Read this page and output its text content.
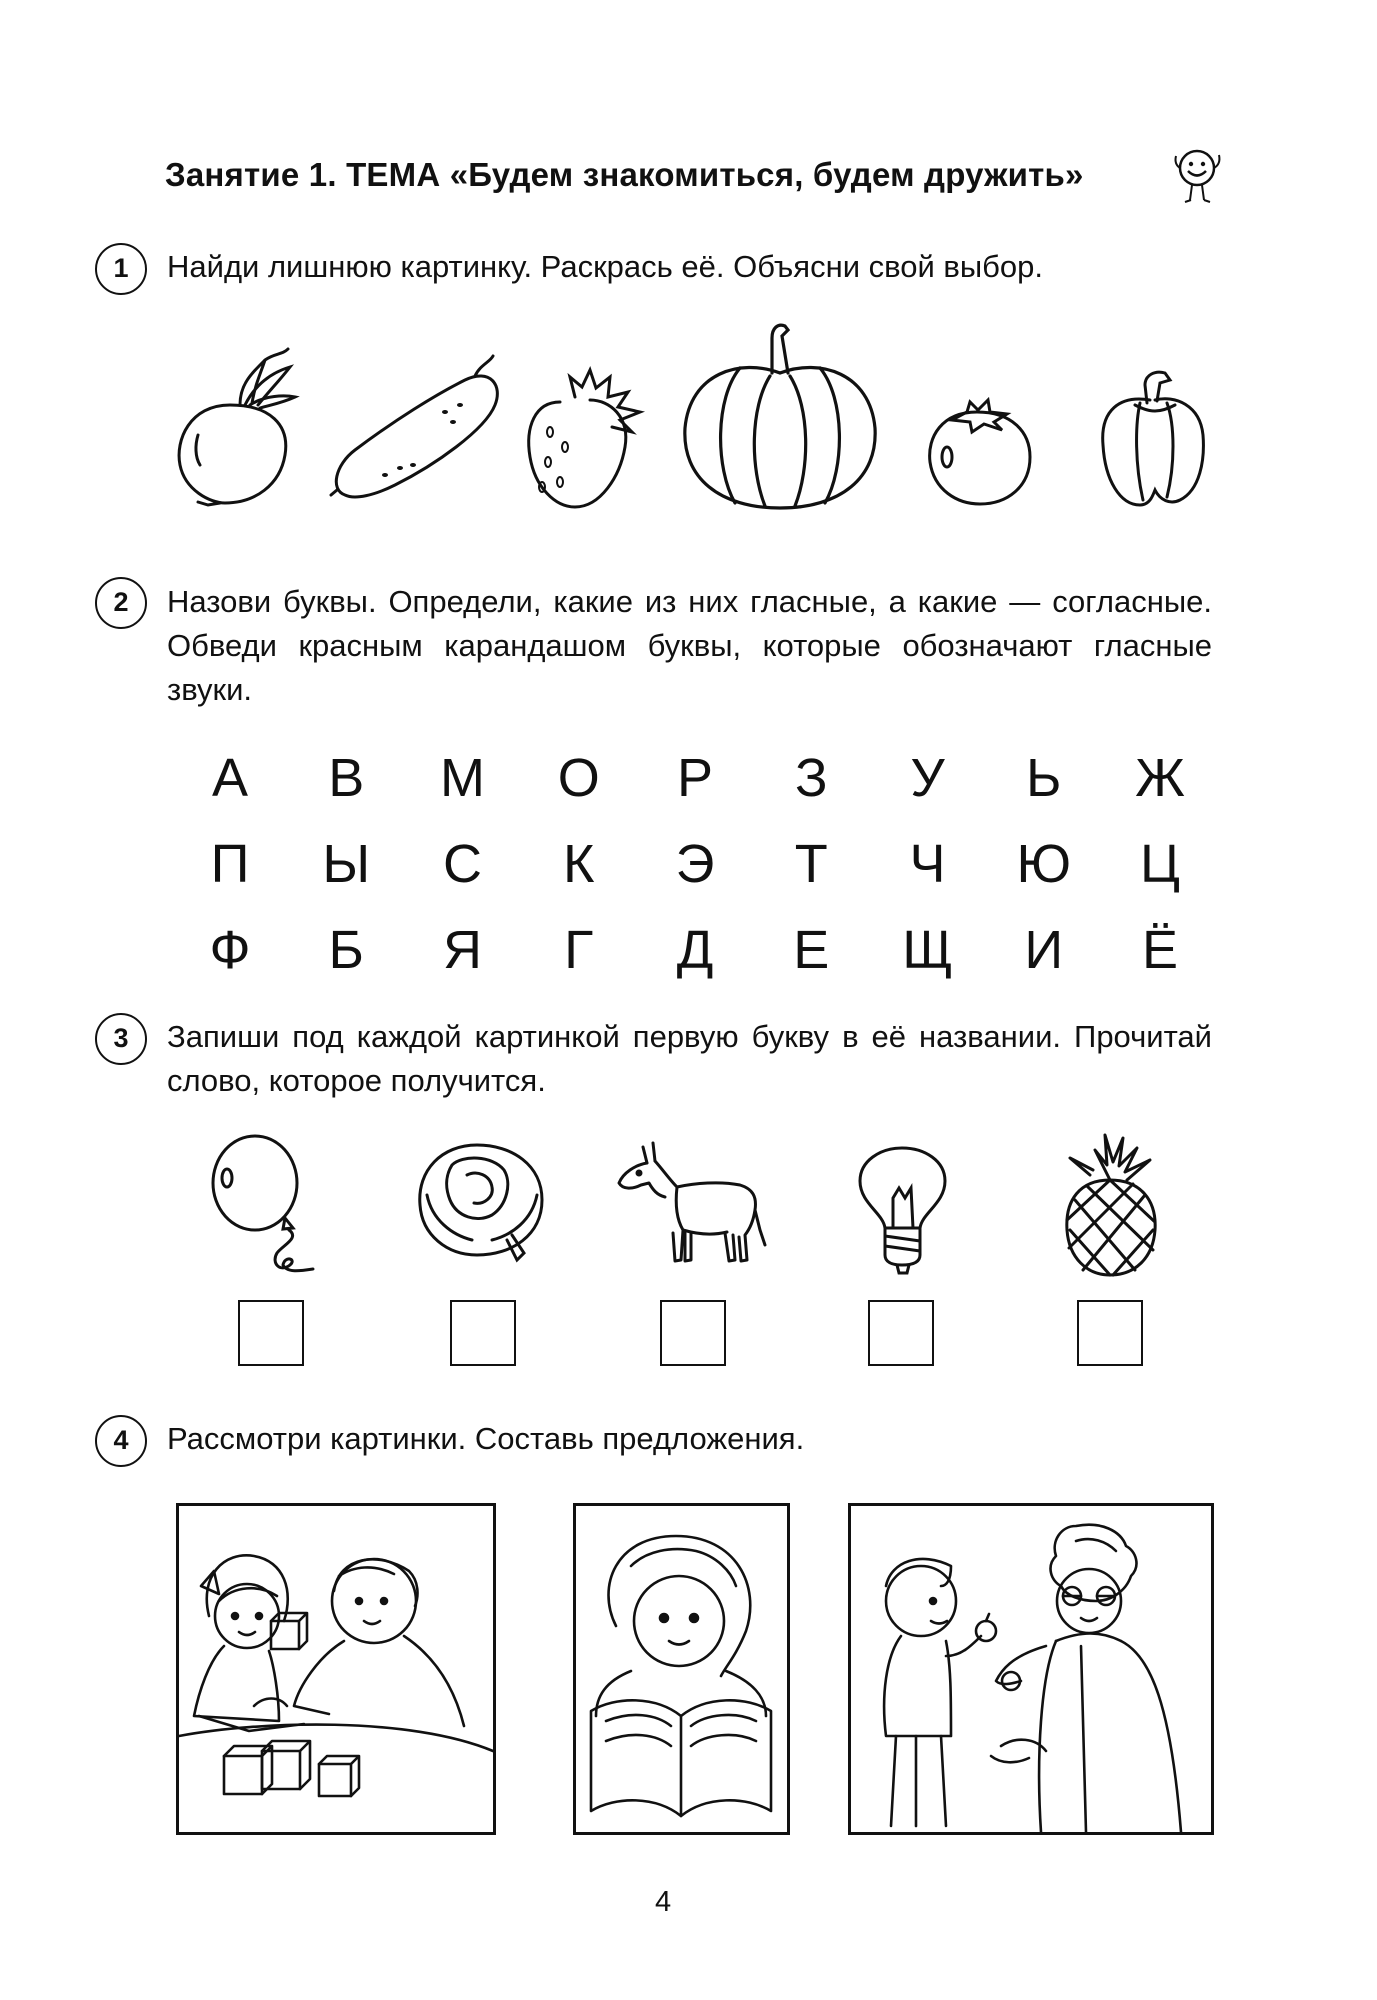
Занятие 1. ТЕМА «Будем знакомиться, будем дружить»
1	Найди лишнюю картинку. Раскрась её. Объясни свой выбор.
2	Назови буквы. Определи, какие из них гласные, а какие — согласные. Обведи красным карандашом буквы, которые обозначают гласные звуки.
А	В	М	О	Р	З	У	Ь	Ж
П	Ы	С	К	Э	Т	Ч	Ю	Ц
Ф	Б	Я	Г	Д	Е	Щ	И	Ё
3	Запиши под каждой картинкой первую букву в её названии. Прочитай слово, которое получится.
4	Рассмотри картинки. Составь предложения.
4
